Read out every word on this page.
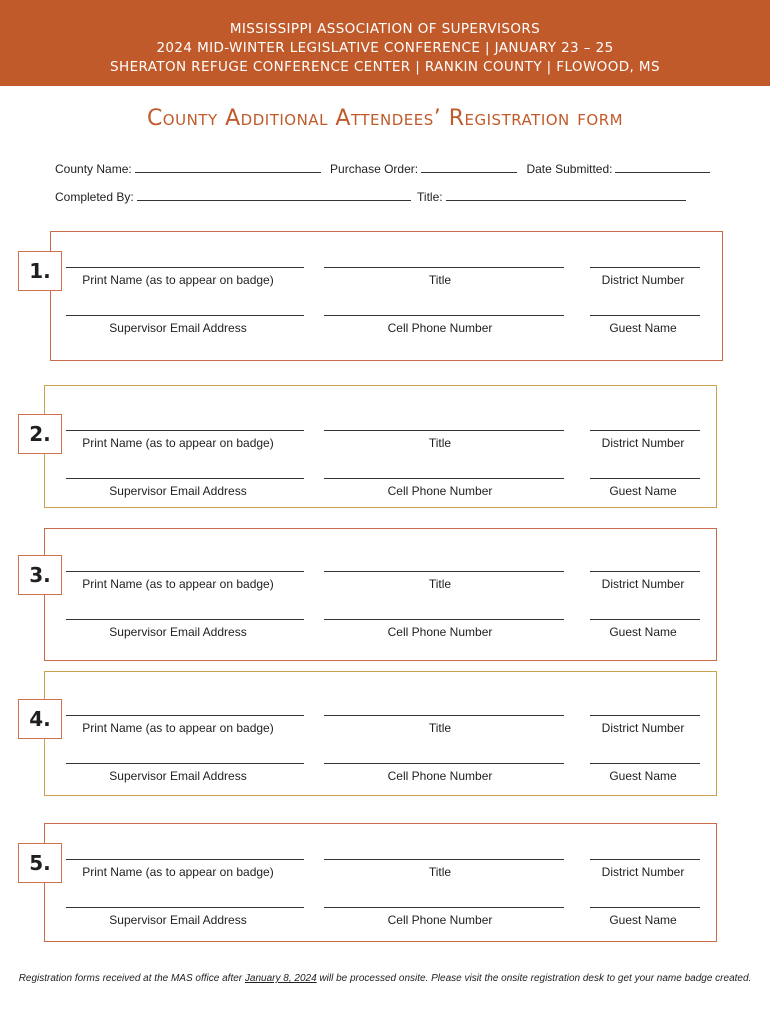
MISSISSIPPI ASSOCIATION OF SUPERVISORS
2024 MID-WINTER LEGISLATIVE CONFERENCE | JANUARY 23 – 25
SHERATON REFUGE CONFERENCE CENTER | RANKIN COUNTY | FLOWOOD, MS
County Additional Attendees’ Registration form
County Name:	Purchase Order:	Date Submitted:
Completed By:	Title:
1.	Print Name (as to appear on badge)	Title	District Number
Supervisor Email Address	Cell Phone Number	Guest Name
2.	Print Name (as to appear on badge)	Title	District Number
Supervisor Email Address	Cell Phone Number	Guest Name
3.	Print Name (as to appear on badge)	Title	District Number
Supervisor Email Address	Cell Phone Number	Guest Name
4.	Print Name (as to appear on badge)	Title	District Number
Supervisor Email Address	Cell Phone Number	Guest Name
5.	Print Name (as to appear on badge)	Title	District Number
Supervisor Email Address	Cell Phone Number	Guest Name
Registration forms received at the MAS office after January 8, 2024 will be processed onsite. Please visit the onsite registration desk to get your name badge created.
